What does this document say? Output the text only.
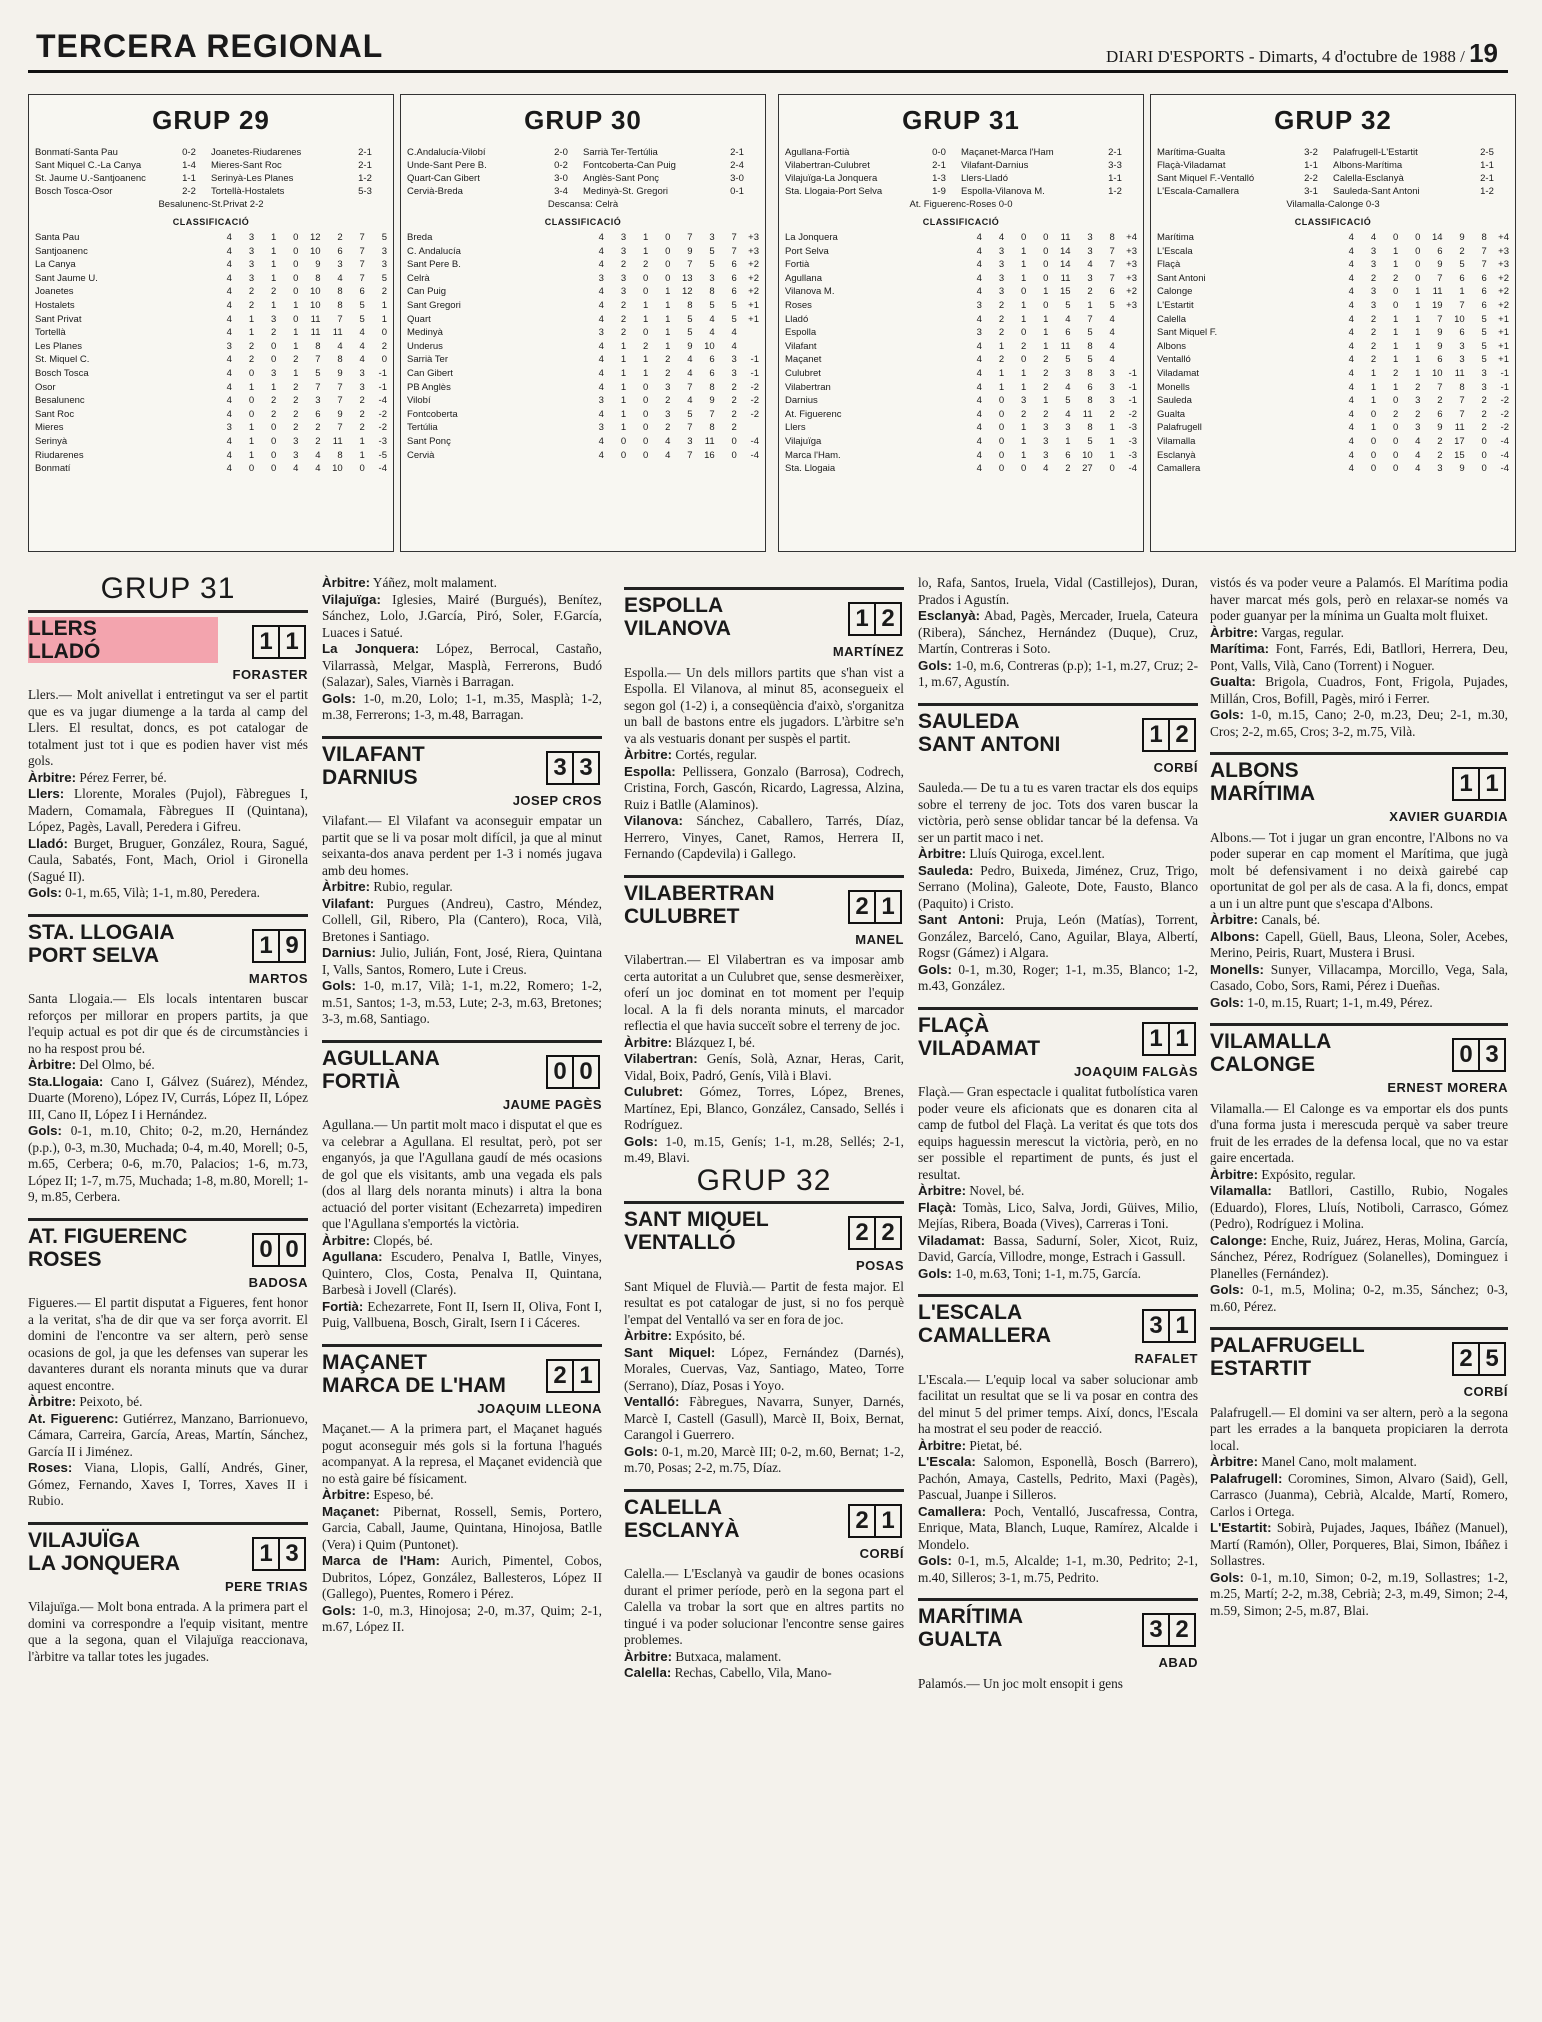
TERCERA REGIONAL	DIARI D'ESPORTS - Dimarts, 4 d'octubre de 1988 / 19
GRUP 29
Bonmatí-Santa Pau	0-2	Joanetes-Riudarenes	2-1
Sant Miquel C.-La Canya	1-4	Mieres-Sant Roc	2-1
St. Jaume U.-Santjoanenc	1-1	Serinyà-Les Planes	1-2
Bosch Tosca-Osor	2-2	Tortellà-Hostalets	5-3
Besalunenc-St.Privat 2-2
CLASSIFICACIÓ
Santa Pau	4	3	1	0	12	2	7	5
Santjoanenc	4	3	1	0	10	6	7	3
La Canya	4	3	1	0	9	3	7	3
Sant Jaume U.	4	3	1	0	8	4	7	5
Joanetes	4	2	2	0	10	8	6	2
Hostalets	4	2	1	1	10	8	5	1
Sant Privat	4	1	3	0	11	7	5	1
Tortellà	4	1	2	1	11	11	4	0
Les Planes	3	2	0	1	8	4	4	2
St. Miquel C.	4	2	0	2	7	8	4	0
Bosch Tosca	4	0	3	1	5	9	3	-1
Osor	4	1	1	2	7	7	3	-1
Besalunenc	4	0	2	2	3	7	2	-4
Sant Roc	4	0	2	2	6	9	2	-2
Mieres	3	1	0	2	2	7	2	-2
Serinyà	4	1	0	3	2	11	1	-3
Riudarenes	4	1	0	3	4	8	1	-5
Bonmatí	4	0	0	4	4	10	0	-4
GRUP 30
C.Andalucía-Vilobí	2-0	Sarrià Ter-Tertúlia	2-1
Unde-Sant Pere B.	0-2	Fontcoberta-Can Puig	2-4
Quart-Can Gibert	3-0	Anglès-Sant Ponç	3-0
Cervià-Breda	3-4	Medinyà-St. Gregori	0-1
Descansa: Celrà
CLASSIFICACIÓ
Breda	4	3	1	0	7	3	7	+3
C. Andalucía	4	3	1	0	9	5	7	+3
Sant Pere B.	4	2	2	0	7	5	6	+2
Celrà	3	3	0	0	13	3	6	+2
Can Puig	4	3	0	1	12	8	6	+2
Sant Gregori	4	2	1	1	8	5	5	+1
Quart	4	2	1	1	5	4	5	+1
Medinyà	3	2	0	1	5	4	4	
Underus	4	1	2	1	9	10	4	
Sarrià Ter	4	1	1	2	4	6	3	-1
Can Gibert	4	1	1	2	4	6	3	-1
PB Anglès	4	1	0	3	7	8	2	-2
Vilobí	3	1	0	2	4	9	2	-2
Fontcoberta	4	1	0	3	5	7	2	-2
Tertúlia	3	1	0	2	7	8	2	
Sant Ponç	4	0	0	4	3	11	0	-4
Cervià	4	0	0	4	7	16	0	-4
GRUP 31
Agullana-Fortià	0-0	Maçanet-Marca l'Ham	2-1
Vilabertran-Culubret	2-1	Vilafant-Darnius	3-3
Vilajuïga-La Jonquera	1-3	Llers-Lladó	1-1
Sta. Llogaia-Port Selva	1-9	Espolla-Vilanova M.	1-2
At. Figuerenc-Roses 0-0
CLASSIFICACIÓ
La Jonquera	4	4	0	0	11	3	8	+4
Port Selva	4	3	1	0	14	3	7	+3
Fortià	4	3	1	0	14	4	7	+3
Agullana	4	3	1	0	11	3	7	+3
Vilanova M.	4	3	0	1	15	2	6	+2
Roses	3	2	1	0	5	1	5	+3
Lladó	4	2	1	1	4	7	4	
Espolla	3	2	0	1	6	5	4	
Vilafant	4	1	2	1	11	8	4	
Maçanet	4	2	0	2	5	5	4	
Culubret	4	1	1	2	3	8	3	-1
Vilabertran	4	1	1	2	4	6	3	-1
Darnius	4	0	3	1	5	8	3	-1
At. Figuerenc	4	0	2	2	4	11	2	-2
Llers	4	0	1	3	3	8	1	-3
Vilajuïga	4	0	1	3	1	5	1	-3
Marca l'Ham.	4	0	1	3	6	10	1	-3
Sta. Llogaia	4	0	0	4	2	27	0	-4
GRUP 32
Marítima-Gualta	3-2	Palafrugell-L'Estartit	2-5
Flaçà-Viladamat	1-1	Albons-Marítima	1-1
Sant Miquel F.-Ventalló	2-2	Calella-Esclanyà	2-1
L'Escala-Camallera	3-1	Sauleda-Sant Antoni	1-2
Vilamalla-Calonge 0-3
CLASSIFICACIÓ
Marítima	4	4	0	0	14	9	8	+4
L'Escala	4	3	1	0	6	2	7	+3
Flaçà	4	3	1	0	9	5	7	+3
Sant Antoni	4	2	2	0	7	6	6	+2
Calonge	4	3	0	1	11	1	6	+2
L'Estartit	4	3	0	1	19	7	6	+2
Calella	4	2	1	1	7	10	5	+1
Sant Miquel F.	4	2	1	1	9	6	5	+1
Albons	4	2	1	1	9	3	5	+1
Ventalló	4	2	1	1	6	3	5	+1
Viladamat	4	1	2	1	10	11	3	-1
Monells	4	1	1	2	7	8	3	-1
Sauleda	4	1	0	3	2	7	2	-2
Gualta	4	0	2	2	6	7	2	-2
Palafrugell	4	1	0	3	9	11	2	-2
Vilamalla	4	0	0	4	2	17	0	-4
Esclanyà	4	0	0	4	2	15	0	-4
Camallera	4	0	0	4	3	9	0	-4
GRUP 31
LLERS
LLADÓ	1 1
FORASTER

Llers.— Molt anivellat i entretingut va ser el partit que es va jugar diumenge a la tarda al camp del Llers. El resultat, doncs, es pot catalogar de totalment just tot i que es podien haver vist més gols.

Àrbitre: Pérez Ferrer, bé.

Llers: Llorente, Morales (Pujol), Fàbregues I, Madern, Comamala, Fàbregues II (Quintana), López, Pagès, Lavall, Peredera i Gifreu.

Lladó: Burget, Bruguer, González, Roura, Sagué, Caula, Sabatés, Font, Mach, Oriol i Gironella (Sagué II).

Gols: 0-1, m.65, Vilà; 1-1, m.80, Peredera.

STA. LLOGAIA
PORT SELVA	1 9
MARTOS

Santa Llogaia.— Els locals intentaren buscar reforços per millorar en propers partits, ja que l'equip actual es pot dir que és de circumstàncies i no ha respost prou bé.

Àrbitre: Del Olmo, bé.

Sta.Llogaia: Cano I, Gálvez (Suárez), Méndez, Duarte (Moreno), López IV, Currás, López II, López III, Cano II, López I i Hernández.

Gols: 0-1, m.10, Chito; 0-2, m.20, Hernández (p.p.), 0-3, m.30, Muchada; 0-4, m.40, Morell; 0-5, m.65, Cerbera; 0-6, m.70, Palacios; 1-6, m.73, López II; 1-7, m.75, Muchada; 1-8, m.80, Morell; 1-9, m.85, Cerbera.

AT. FIGUERENC
ROSES	0 0
BADOSA

Figueres.— El partit disputat a Figueres, fent honor a la veritat, s'ha de dir que va ser força avorrit. El domini de l'encontre va ser altern, però sense ocasions de gol, ja que les defenses van superar les davanteres durant els noranta minuts que va durar aquest encontre.

Àrbitre: Peixoto, bé.

At. Figuerenc: Gutiérrez, Manzano, Barrionuevo, Cámara, Carreira, García, Areas, Martín, Sánchez, García II i Jiménez.

Roses: Viana, Llopis, Gallí, Andrés, Giner, Gómez, Fernando, Xaves I, Torres, Xaves II i Rubio.

VILAJUÏGA
LA JONQUERA	1 3
PERE TRIAS

Vilajuïga.— Molt bona entrada. A la primera part el domini va correspondre a l'equip visitant, mentre que a la segona, quan el Vilajuïga reaccionava, l'àrbitre va tallar totes les jugades.

Àrbitre: Yáñez, molt malament.

Vilajuïga: Iglesies, Mairé (Burgués), Benítez, Sánchez, Lolo, J.García, Piró, Soler, F.García, Luaces i Satué.

La Jonquera: López, Berrocal, Castaño, Vilarrassà, Melgar, Masplà, Ferrerons, Budó (Salazar), Sales, Viarnès i Barragan.

Gols: 1-0, m.20, Lolo; 1-1, m.35, Masplà; 1-2, m.38, Ferrerons; 1-3, m.48, Barragan.

VILAFANT
DARNIUS	3 3
JOSEP CROS

Vilafant.— El Vilafant va aconseguir empatar un partit que se li va posar molt difícil, ja que al minut seixanta-dos anava perdent per 1-3 i només jugava amb deu homes.

Àrbitre: Rubio, regular.

Vilafant: Purgues (Andreu), Castro, Méndez, Collell, Gil, Ribero, Pla (Cantero), Roca, Vilà, Bretones i Santiago.

Darnius: Julio, Julián, Font, José, Riera, Quintana I, Valls, Santos, Romero, Lute i Creus.

Gols: 1-0, m.17, Vilà; 1-1, m.22, Romero; 1-2, m.51, Santos; 1-3, m.53, Lute; 2-3, m.63, Bretones; 3-3, m.68, Santiago.

AGULLANA
FORTIÀ	0 0
JAUME PAGÈS

Agullana.— Un partit molt maco i disputat el que es va celebrar a Agullana. El resultat, però, pot ser enganyós, ja que l'Agullana gaudí de més ocasions de gol que els visitants, amb una vegada els pals (dos al llarg dels noranta minuts) i altra la bona actuació del porter visitant (Echezarreta) impediren que l'Agullana s'emportés la victòria.

Àrbitre: Clopés, bé.

Agullana: Escudero, Penalva I, Batlle, Vinyes, Quintero, Clos, Costa, Penalva II, Quintana, Barbesà i Jovell (Clarés).

Fortià: Echezarrete, Font II, Isern II, Oliva, Font I, Puig, Vallbuena, Bosch, Giralt, Isern I i Cáceres.

MAÇANET
MARCA DE L'HAM 2 1
JOAQUIM LLEONA

Maçanet.— A la primera part, el Maçanet hagués pogut aconseguir més gols si la fortuna l'hagués acompanyat. A la represa, el Maçanet evidencià que no està gaire bé físicament.

Àrbitre: Espeso, bé.

Maçanet: Pibernat, Rossell, Semis, Portero, Garcia, Caball, Jaume, Quintana, Hinojosa, Batlle (Vera) i Quim (Puntonet).

Marca de l'Ham: Aurich, Pimentel, Cobos, Dubritos, López, González, Ballesteros, López II (Gallego), Puentes, Romero i Pérez.

Gols: 1-0, m.3, Hinojosa; 2-0, m.37, Quim; 2-1, m.67, López II.

ESPOLLA
VILANOVA	1 2
MARTÍNEZ

Espolla.— Un dels millors partits que s'han vist a Espolla. El Vilanova, al minut 85, aconsegueix el segon gol (1-2) i, a conseqüència d'això, s'organitza un ball de bastons entre els jugadors. L'àrbitre se'n va als vestuaris donant per suspès el partit.

Àrbitre: Cortés, regular.

Espolla: Pellissera, Gonzalo (Barrosa), Codrech, Cristina, Forch, Gascón, Ricardo, Lagressa, Alzina, Ruiz i Batlle (Alaminos).

Vilanova: Sánchez, Caballero, Tarrés, Díaz, Herrero, Vinyes, Canet, Ramos, Herrera II, Fernando (Capdevila) i Gallego.

VILABERTRAN
CULUBRET	2 1
MANEL

Vilabertran.— El Vilabertran es va imposar amb certa autoritat a un Culubret que, sense desmerèixer, oferí un joc dominat en tot moment per l'equip local. A la fi dels noranta minuts, el marcador reflectia el que havia succeït sobre el terreny de joc.

Àrbitre: Blázquez I, bé.

Vilabertran: Genís, Solà, Aznar, Heras, Carit, Vidal, Boix, Padró, Genís, Vilà i Blavi.

Culubret: Gómez, Torres, López, Brenes, Martínez, Epi, Blanco, González, Cansado, Sellés i Rodríguez.

Gols: 1-0, m.15, Genís; 1-1, m.28, Sellés; 2-1, m.49, Blavi.

GRUP 32
SANT MIQUEL
VENTALLÓ	2 2
POSAS

Sant Miquel de Fluvià.— Partit de festa major. El resultat es pot catalogar de just, si no fos perquè l'empat del Ventalló va ser en fora de joc.

Àrbitre: Expósito, bé.

Sant Miquel: López, Fernández (Darnés), Morales, Cuervas, Vaz, Santiago, Mateo, Torre (Serrano), Díaz, Posas i Yoyo.

Ventalló: Fàbregues, Navarra, Sunyer, Darnés, Marcè I, Castell (Gasull), Marcè II, Boix, Bernat, Carangol i Guerrero.

Gols: 0-1, m.20, Marcè III; 0-2, m.60, Bernat; 1-2, m.70, Posas; 2-2, m.75, Díaz.

CALELLA
ESCLANYÀ	2 1
CORBÍ

Calella.— L'Esclanyà va gaudir de bones ocasions durant el primer període, però en la segona part el Calella va trobar la sort que en altres partits no tingué i va poder solucionar l'encontre sense gaires problemes.

Àrbitre: Butxaca, malament.

Calella: Rechas, Cabello, Vila, Mano-

lo, Rafa, Santos, Iruela, Vidal (Castillejos), Duran, Prados i Agustín.

Esclanyà: Abad, Pagès, Mercader, Iruela, Cateura (Ribera), Sánchez, Hernández (Duque), Cruz, Martín, Contreras i Soto.

Gols: 1-0, m.6, Contreras (p.p); 1-1, m.27, Cruz; 2-1, m.67, Agustín.

SAULEDA
SANT ANTONI	1 2
CORBÍ

Sauleda.— De tu a tu es varen tractar els dos equips sobre el terreny de joc. Tots dos varen buscar la victòria, però sense oblidar tancar bé la defensa. Va ser un partit maco i net.

Àrbitre: Lluís Quiroga, excel.lent.

Sauleda: Pedro, Buixeda, Jiménez, Cruz, Trigo, Serrano (Molina), Galeote, Dote, Fausto, Blanco (Paquito) i Cristo.

Sant Antoni: Pruja, León (Matías), Torrent, González, Barceló, Cano, Aguilar, Blaya, Albertí, Rogsr (Gámez) i Algara.

Gols: 0-1, m.30, Roger; 1-1, m.35, Blanco; 1-2, m.43, González.

FLAÇÀ
VILADAMAT	1 1
JOAQUIM FALGÀS

Flaçà.— Gran espectacle i qualitat futbolística varen poder veure els aficionats que es donaren cita al camp de futbol del Flaçà. La veritat és que tots dos equips haguessin merescut la victòria, però, en no ser possible el repartiment de punts, és just el resultat.

Àrbitre: Novel, bé.

Flaçà: Tomàs, Lico, Salva, Jordi, Güives, Milio, Mejías, Ribera, Boada (Vives), Carreras i Toni.

Viladamat: Bassa, Sadurní, Soler, Xicot, Ruiz, David, García, Villodre, monge, Estrach i Gassull.

Gols: 1-0, m.63, Toni; 1-1, m.75, García.

L'ESCALA
CAMALLERA	3 1
RAFALET

L'Escala.— L'equip local va saber solucionar amb facilitat un resultat que se li va posar en contra des del minut 5 del primer temps. Així, doncs, l'Escala ha mostrat el seu poder de reacció.

Àrbitre: Pietat, bé.

L'Escala: Salomon, Esponellà, Bosch (Barrero), Pachón, Amaya, Castells, Pedrito, Maxi (Pagès), Pascual, Juanpe i Silleros.

Camallera: Poch, Ventalló, Juscafressa, Contra, Enrique, Mata, Blanch, Luque, Ramírez, Alcalde i Mondelo.

Gols: 0-1, m.5, Alcalde; 1-1, m.30, Pedrito; 2-1, m.40, Silleros; 3-1, m.75, Pedrito.

MARÍTIMA
GUALTA	3 2
ABAD

Palamós.— Un joc molt ensopit i gens

vistós és va poder veure a Palamós. El Marítima podia haver marcat més gols, però en relaxar-se només va poder guanyar per la mínima un Gualta molt fluixet.

Àrbitre: Vargas, regular.

Marítima: Font, Farrés, Edi, Batllori, Herrera, Deu, Pont, Valls, Vilà, Cano (Torrent) i Noguer.

Gualta: Brigola, Cuadros, Font, Frigola, Pujades, Millán, Cros, Bofill, Pagès, miró i Ferrer.

Gols: 1-0, m.15, Cano; 2-0, m.23, Deu; 2-1, m.30, Cros; 2-2, m.65, Cros; 3-2, m.75, Vilà.

ALBONS
MARÍTIMA	1 1
XAVIER GUARDIA

Albons.— Tot i jugar un gran encontre, l'Albons no va poder superar en cap moment el Marítima, que jugà molt bé defensivament i no deixà gairebé cap oportunitat de gol per als de casa. A la fi, doncs, empat a un i un altre punt que s'escapa d'Albons.

Àrbitre: Canals, bé.

Albons: Capell, Güell, Baus, Lleona, Soler, Acebes, Merino, Peiris, Ruart, Mustera i Brusi.

Monells: Sunyer, Villacampa, Morcillo, Vega, Sala, Casado, Cobo, Sors, Rami, Pérez i Dueñas.

Gols: 1-0, m.15, Ruart; 1-1, m.49, Pérez.

VILAMALLA
CALONGE	0 3
ERNEST MORERA

Vilamalla.— El Calonge es va emportar els dos punts d'una forma justa i merescuda perquè va saber treure fruit de les errades de la defensa local, que no va estar gaire encertada.

Àrbitre: Expósito, regular.

Vilamalla: Batllori, Castillo, Rubio, Nogales (Eduardo), Flores, Lluís, Notiboli, Carrasco, Gómez (Pedro), Rodríguez i Molina.

Calonge: Enche, Ruiz, Juárez, Heras, Molina, García, Sánchez, Pérez, Rodríguez (Solanelles), Dominguez i Planelles (Fernández).

Gols: 0-1, m.5, Molina; 0-2, m.35, Sánchez; 0-3, m.60, Pérez.

PALAFRUGELL
ESTARTIT	2 5
CORBÍ

Palafrugell.— El domini va ser altern, però a la segona part les errades a la banqueta propiciaren la derrota local.

Àrbitre: Manel Cano, molt malament.

Palafrugell: Coromines, Simon, Alvaro (Said), Gell, Carrasco (Juanma), Cebrià, Alcalde, Martí, Romero, Carlos i Ortega.

L'Estartit: Sobirà, Pujades, Jaques, Ibáñez (Manuel), Martí (Ramón), Oller, Porqueres, Blai, Simon, Ibáñez i Sollastres.

Gols: 0-1, m.10, Simon; 0-2, m.19, Sollastres; 1-2, m.25, Martí; 2-2, m.38, Cebrià; 2-3, m.49, Simon; 2-4, m.59, Simon; 2-5, m.87, Blai.
